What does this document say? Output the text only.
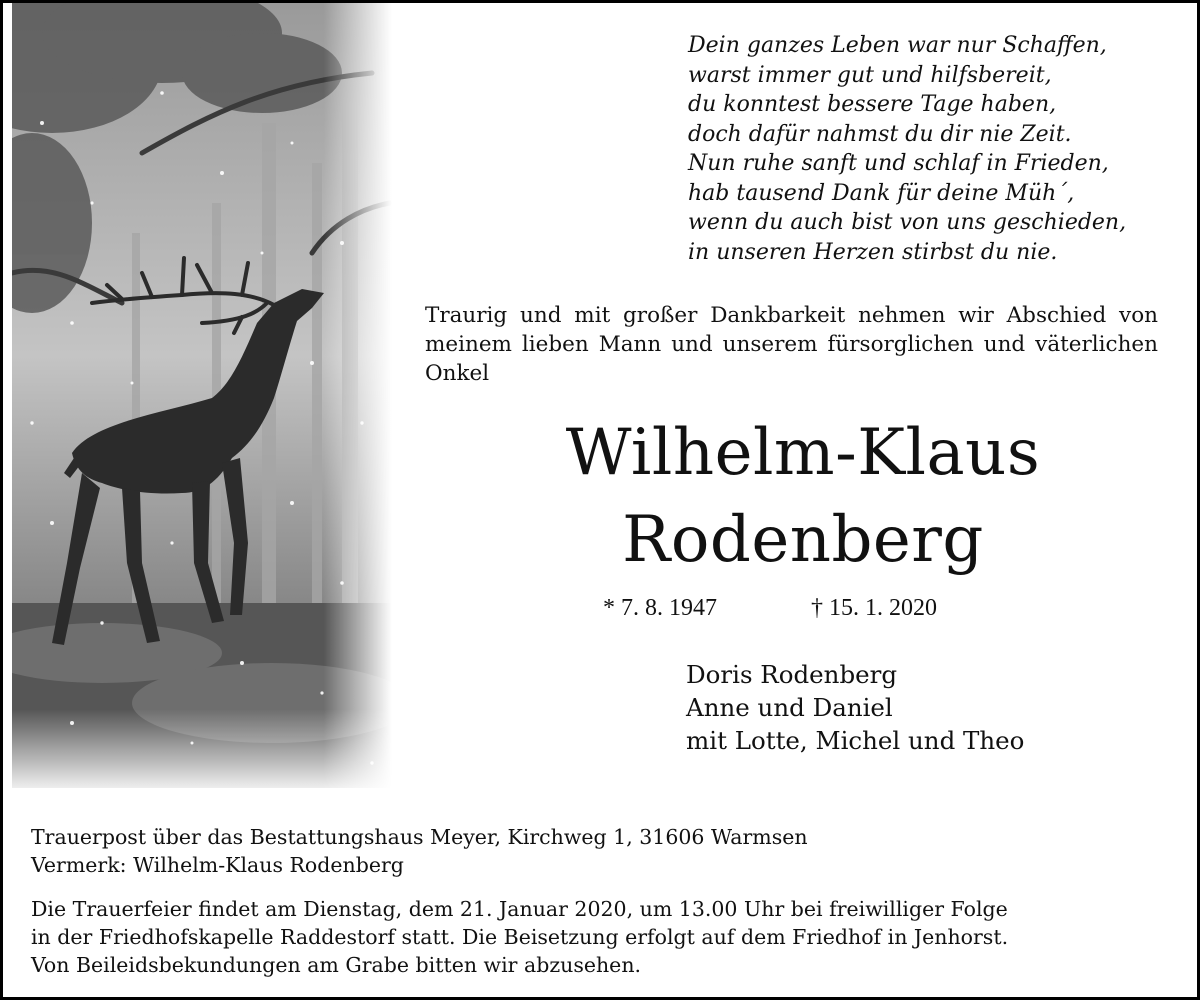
Dein ganzes Leben war nur Schaffen,
warst immer gut und hilfsbereit,
du konntest bessere Tage haben,
doch dafür nahmst du dir nie Zeit.
Nun ruhe sanft und schlaf in Frieden,
hab tausend Dank für deine Müh´,
wenn du auch bist von uns geschieden,
in unseren Herzen stirbst du nie.

Traurig und mit großer Dankbarkeit nehmen wir Abschied von meinem lieben Mann und unserem fürsorglichen und väterlichen Onkel

Wilhelm-Klaus
Rodenberg
* 7. 8. 1947	† 15. 1. 2020
Doris Rodenberg
Anne und Daniel
mit Lotte, Michel und Theo
Trauerpost über das Bestattungshaus Meyer, Kirchweg 1, 31606 Warmsen
Vermerk: Wilhelm-Klaus Rodenberg
Die Trauerfeier findet am Dienstag, dem 21. Januar 2020, um 13.00 Uhr bei freiwilliger Folge
in der Friedhofskapelle Raddestorf statt. Die Beisetzung erfolgt auf dem Friedhof in Jenhorst.
Von Beileidsbekundungen am Grabe bitten wir abzusehen.
